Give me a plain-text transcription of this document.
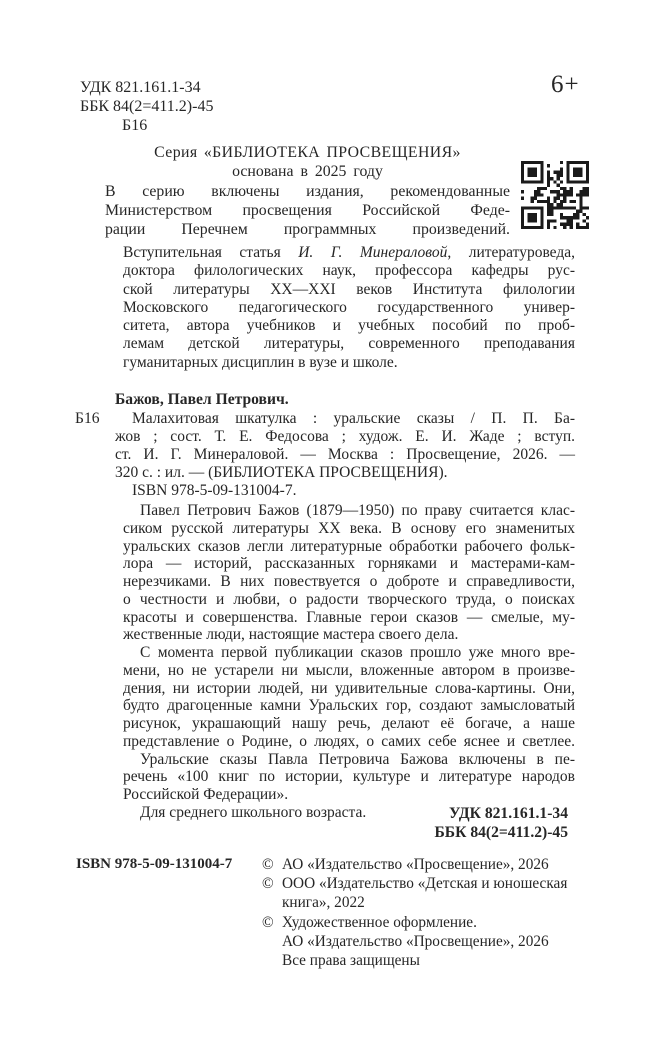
УДК 821.161.1-34
ББК 84(2=411.2)-45
Б16
6+
Серия «БИБЛИОТЕКА ПРОСВЕЩЕНИЯ»
основана в 2025 году
В серию включены издания, рекомендованные
Министерством просвещения Российской Феде-
рации Перечнем программных произведений.
Вступительная статья И. Г. Минераловой, литературоведа,
доктора филологических наук, профессора кафедры рус-
ской литературы XX—XXI веков Института филологии
Московского педагогического государственного универ-
ситета, автора учебников и учебных пособий по проб-
лемам детской литературы, современного преподавания
гуманитарных дисциплин в вузе и школе.
Бажов, Павел Петрович.
Б16	Малахитовая шкатулка : уральские сказы / П. П. Ба-
жов ; сост. Т. Е. Федосова ; худож. Е. И. Жаде ; вступ.
ст. И. Г. Минераловой. — Москва : Просвещение, 2026. —
320 с. : ил. — (БИБЛИОТЕКА ПРОСВЕЩЕНИЯ).
ISBN 978-5-09-131004-7.
Павел Петрович Бажов (1879—1950) по праву считается клас-
сиком русской литературы XX века. В основу его знаменитых
уральских сказов легли литературные обработки рабочего фольк-
лора — историй, рассказанных горняками и мастерами-кам-
нерезчиками. В них повествуется о доброте и справедливости,
о честности и любви, о радости творческого труда, о поисках
красоты и совершенства. Главные герои сказов — смелые, му-
жественные люди, настоящие мастера своего дела.
С момента первой публикации сказов прошло уже много вре-
мени, но не устарели ни мысли, вложенные автором в произве-
дения, ни истории людей, ни удивительные слова-картины. Они,
будто драгоценные камни Уральских гор, создают замысловатый
рисунок, украшающий нашу речь, делают её богаче, а наше
представление о Родине, о людях, о самих себе яснее и светлее.
Уральские сказы Павла Петровича Бажова включены в пе-
речень «100 книг по истории, культуре и литературе народов
Российской Федерации».
Для среднего школьного возраста.	УДК 821.161.1-34
ББК 84(2=411.2)-45
ISBN 978-5-09-131004-7 © АО «Издательство «Просвещение», 2026
© ООО «Издательство «Детская и юношеская
книга», 2022
© Художественное оформление.
АО «Издательство «Просвещение», 2026
Все права защищены
